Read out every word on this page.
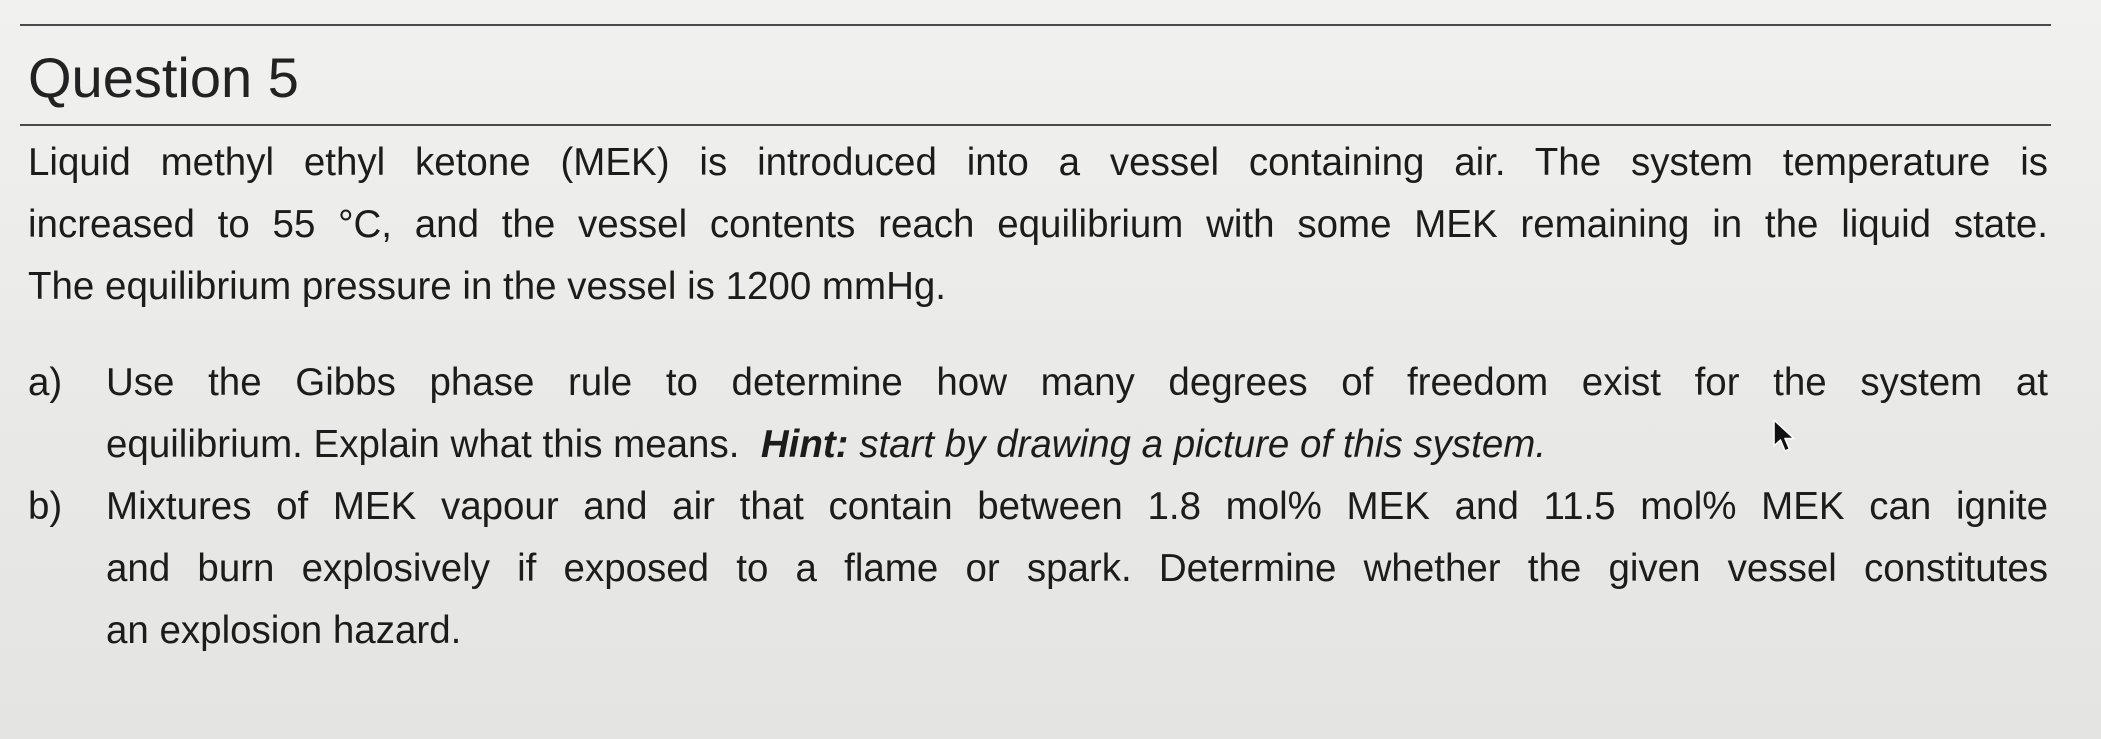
Question 5

Liquid methyl ethyl ketone (MEK) is introduced into a vessel containing air. The system temperature is
increased to 55 °C, and the vessel contents reach equilibrium with some MEK remaining in the liquid state.
The equilibrium pressure in the vessel is 1200 mmHg.

a) Use the Gibbs phase rule to determine how many degrees of freedom exist for the system at
equilibrium. Explain what this means. Hint: start by drawing a picture of this system.
b) Mixtures of MEK vapour and air that contain between 1.8 mol% MEK and 11.5 mol% MEK can ignite
and burn explosively if exposed to a flame or spark. Determine whether the given vessel constitutes
an explosion hazard.
